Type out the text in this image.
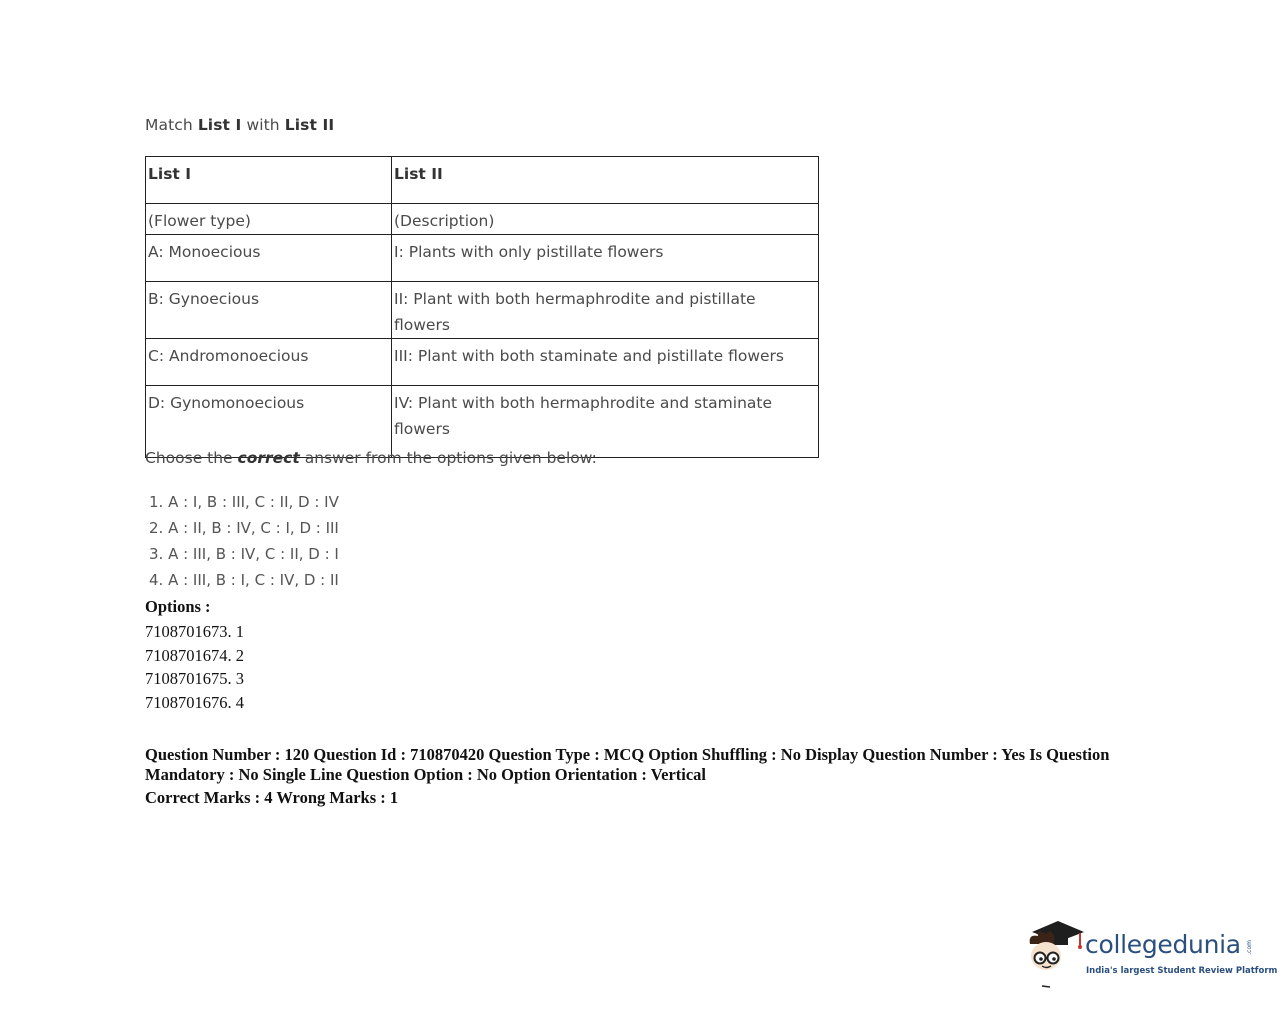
Match List I with List II
List I	List II
(Flower type)	(Description)
A: Monoecious	I: Plants with only pistillate flowers
B: Gynoecious	II: Plant with both hermaphrodite and pistillate flowers
C: Andromonoecious	III: Plant with both staminate and pistillate flowers
D: Gynomonoecious	IV: Plant with both hermaphrodite and staminate flowers
Choose the correct answer from the options given below:
1. A : I, B : III, C : II, D : IV
2. A : II, B : IV, C : I, D : III
3. A : III, B : IV, C : II, D : I
4. A : III, B : I, C : IV, D : II
Options :
7108701673. 1
7108701674. 2
7108701675. 3
7108701676. 4
Question Number : 120 Question Id : 710870420 Question Type : MCQ Option Shuffling : No Display Question Number : Yes Is Question Mandatory : No Single Line Question Option : No Option Orientation : Vertical
Correct Marks : 4 Wrong Marks : 1
collegedunia .com
India's largest Student Review Platform
